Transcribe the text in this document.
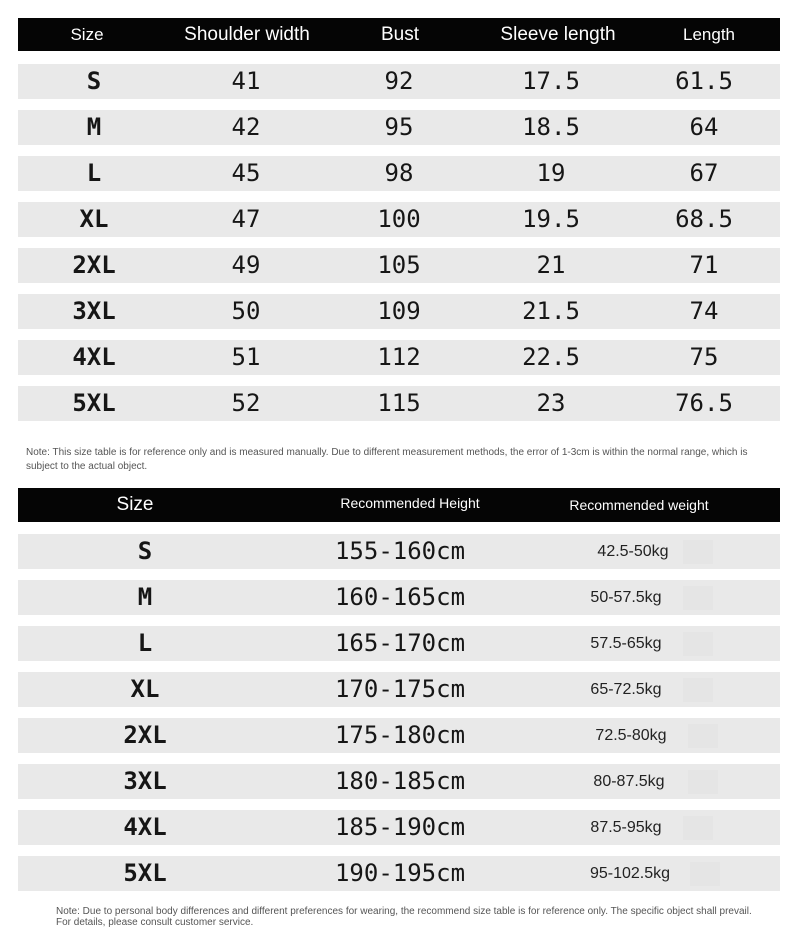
Size	Shoulder width	Bust	Sleeve length	Length
S	41	92	17.5	61.5
M	42	95	18.5	64
L	45	98	19	67
XL	47	100	19.5	68.5
2XL	49	105	21	71
3XL	50	109	21.5	74
4XL	51	112	22.5	75
5XL	52	115	23	76.5
Note: This size table is for reference only and is measured manually. Due to different measurement methods, the error of 1-3cm is within the normal range, which is subject to the actual object.
Size	Recommended Height	Recommended weight
S	155-160cm	42.5-50kg
M	160-165cm	50-57.5kg
L	165-170cm	57.5-65kg
XL	170-175cm	65-72.5kg
2XL	175-180cm	72.5-80kg
3XL	180-185cm	80-87.5kg
4XL	185-190cm	87.5-95kg
5XL	190-195cm	95-102.5kg
Note: Due to personal body differences and different preferences for wearing, the recommend size table is for reference only. The specific object shall prevail. For details, please consult customer service.
